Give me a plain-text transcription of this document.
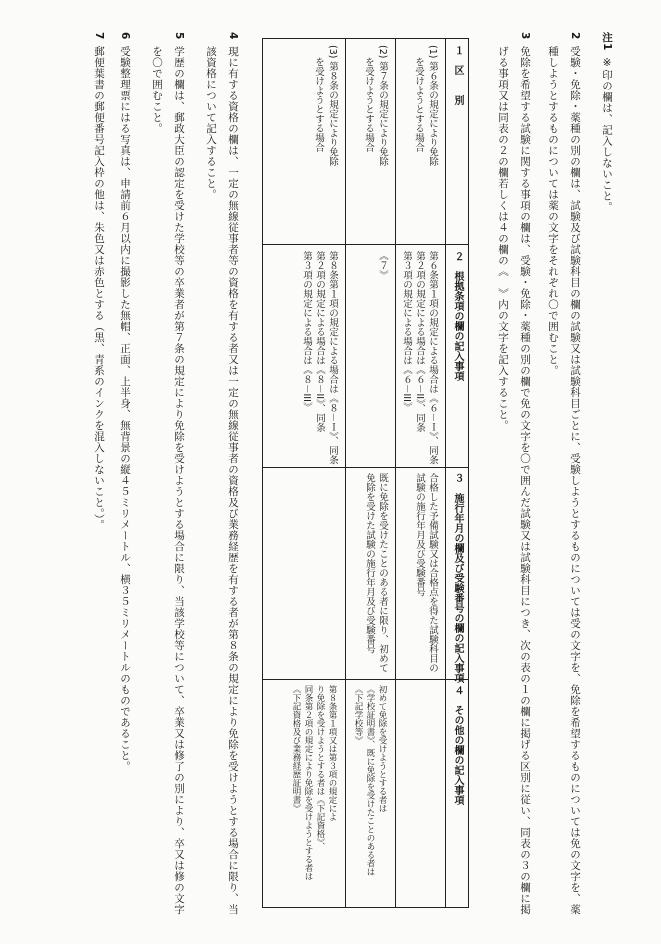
注1※印の欄は、記入しないこと。
2受験・免除・薬種の別の欄は、試験及び試験科目の欄の試験又は試験科目ごとに、受験しようとするものについては受の文字を、免除を希望するものについては免の文字を、薬
種しようとするものについては薬の文字をそれぞれ〇で囲むこと。
3免除を希望する試験に関する事項の欄は、受験・免除・薬種の別の欄で免の文字を〇で囲んだ試験又は試験科目につき、次の表の１の欄に掲げる区別に従い、同表の３の欄に掲
げる事項又は同表の２の欄若しくは４の欄の《　》内の文字を記入すること。
１　区　　別
２　根拠条項の欄の記入事項
３　施行年月の欄及び受験番号の欄の記入事項
４　その他の欄の記入事項
(1) 第６条の規定により免除
を受けようとする場合
第６条第１項の規定による場合は《６－Ｉ》、同条
第２項の規定による場合は《６－II》、同条
第３項の規定による場合は《６－III》
合格した予備試験又は合格点を得た試験科目の
試験の施行年月及び受験番号
(2) 第７条の規定により免除
を受けようとする場合
《７》
既に免除を受けたことのある者に限り、初めて
免除を受けた試験の施行年月及び受験番号
初めて免除を受けようとする者は
《学校証明書》、既に免除を受けたことのある者は
《下記学校等》
(3) 第８条の規定により免除
を受けようとする場合
第８条第１項の規定による場合は《８－Ｉ》、同条
第２項の規定による場合は《８－II》、同条
第３項の規定による場合は《８－III》
第８条第１項又は第３項の規定によ
り免除を受けようとする者は《下記資格》、
同条第２項の規定により免除を受けようとする者は
《下記資格及び業務経歴証明書》
4現に有する資格の欄は、一定の無線従事者等の資格を有する者又は一定の無線従事者の資格及び業務経歴を有する者が第８条の規定により免除を受けようとする場合に限り、当
該資格について記入すること。
5学歴の欄は、郵政大臣の認定を受けた学校等の卒業者が第７条の規定により免除を受けようとする場合に限り、当該学校等について、卒業又は修了の別により、卒又は修の文字
を〇で囲むこと。
6受験整理票にはる写真は、申請前６月以内に撮影した無帽、正面、上半身、無背景の縦４５ミリメートル、横３５ミリメートルのものであること。
7郵便葉書の郵便番号記入枠の他は、朱色又は赤色とする（黒、青系のインクを混入しないこと。）。
